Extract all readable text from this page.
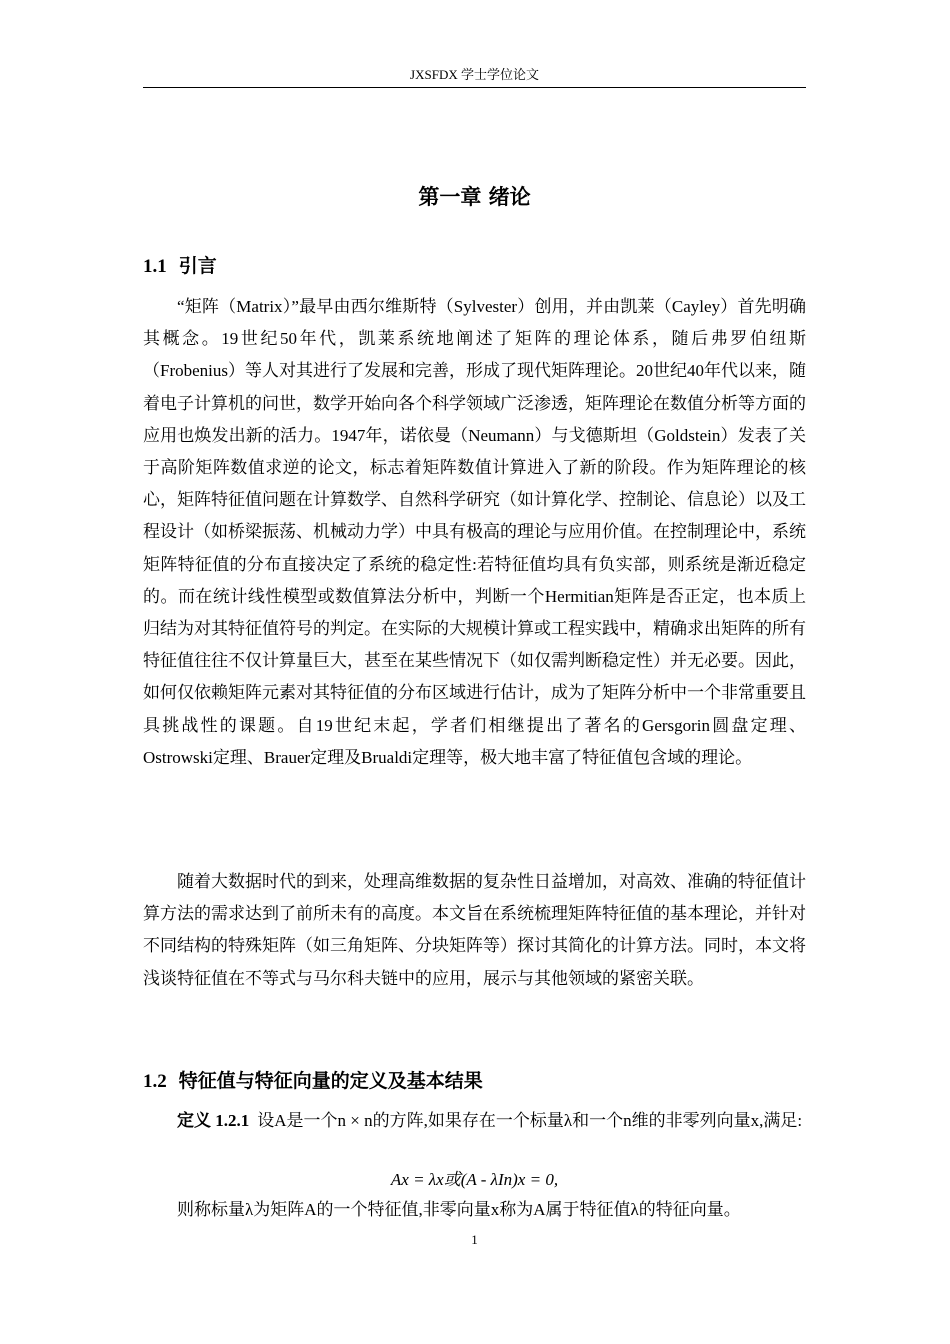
JXSFDX 学士学位论文
第一章 绪论
1.1 引言

“矩阵（Matrix）”最早由西尔维斯特（Sylvester）创用，并由凯莱（Cayley）首先明确其概念。19世纪50年代，凯莱系统地阐述了矩阵的理论体系，随后弗罗伯纽斯（Frobenius）等人对其进行了发展和完善，形成了现代矩阵理论。20世纪40年代以来，随着电子计算机的问世，数学开始向各个科学领域广泛渗透，矩阵理论在数值分析等方面的应用也焕发出新的活力。1947年，诺依曼（Neumann）与戈德斯坦（Goldstein）发表了关于高阶矩阵数值求逆的论文，标志着矩阵数值计算进入了新的阶段。作为矩阵理论的核心，矩阵特征值问题在计算数学、自然科学研究（如计算化学、控制论、信息论）以及工程设计（如桥梁振荡、机械动力学）中具有极高的理论与应用价值。在控制理论中，系统矩阵特征值的分布直接决定了系统的稳定性:若特征值均具有负实部，则系统是渐近稳定的。而在统计线性模型或数值算法分析中，判断一个Hermitian矩阵是否正定，也本质上归结为对其特征值符号的判定。在实际的大规模计算或工程实践中，精确求出矩阵的所有特征值往往不仅计算量巨大，甚至在某些情况下（如仅需判断稳定性）并无必要。因此，如何仅依赖矩阵元素对其特征值的分布区域进行估计，成为了矩阵分析中一个非常重要且具挑战性的课题。自19世纪末起，学者们相继提出了著名的Gersgorin圆盘定理、Ostrowski定理、Brauer定理及Brualdi定理等，极大地丰富了特征值包含域的理论。

随着大数据时代的到来，处理高维数据的复杂性日益增加，对高效、准确的特征值计算方法的需求达到了前所未有的高度。本文旨在系统梳理矩阵特征值的基本理论，并针对不同结构的特殊矩阵（如三角矩阵、分块矩阵等）探讨其简化的计算方法。同时，本文将浅谈特征值在不等式与马尔科夫链中的应用，展示与其他领域的紧密关联。

1.2 特征值与特征向量的定义及基本结果

定义 1.2.1 设A是一个n × n的方阵,如果存在一个标量λ和一个n维的非零列向量x,满足:

Ax = λx或(A - λIn)x = 0,

则称标量λ为矩阵A的一个特征值,非零向量x称为A属于特征值λ的特征向量。

1
